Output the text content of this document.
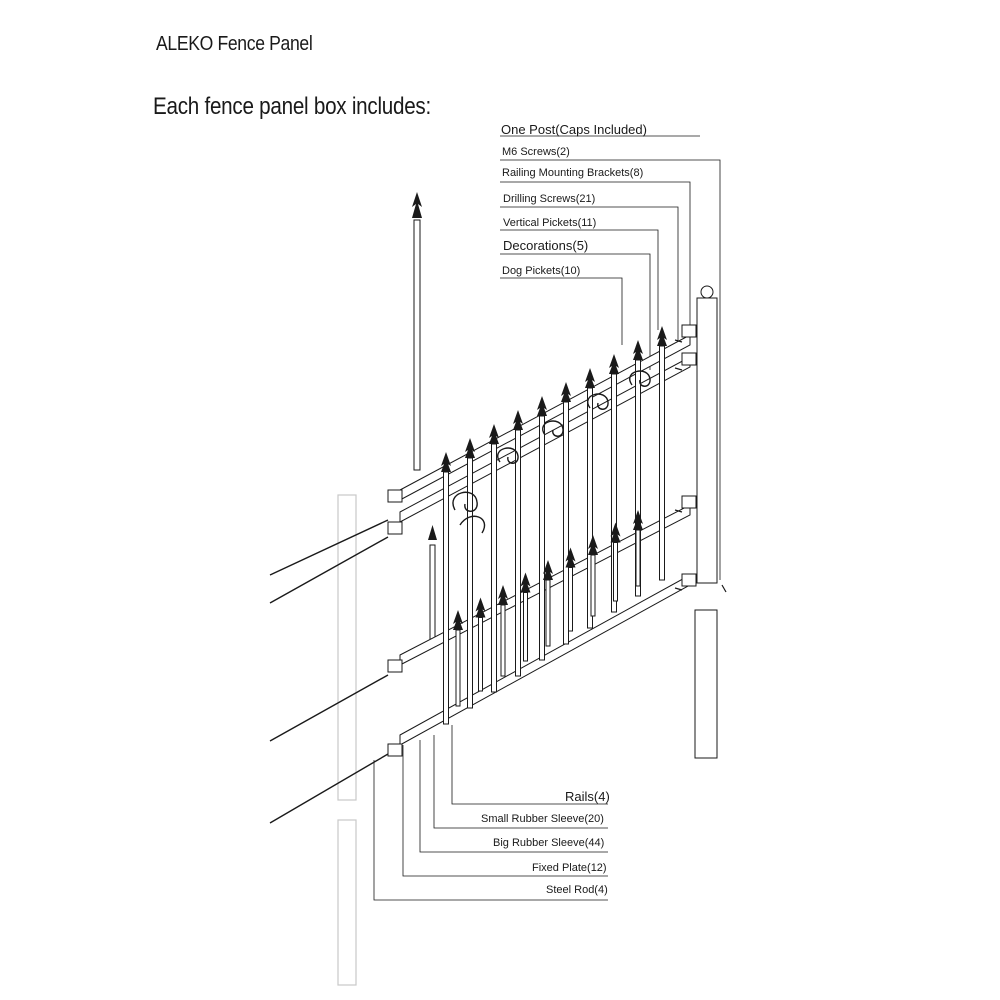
ALEKO Fence Panel
Each fence panel box includes:
One Post(Caps Included)
M6 Screws(2)
Railing Mounting Brackets(8)
Drilling Screws(21)
Vertical Pickets(11)
Decorations(5)
Dog Pickets(10)
Rails(4)
Small Rubber Sleeve(20)
Big Rubber Sleeve(44)
Fixed Plate(12)
Steel Rod(4)
